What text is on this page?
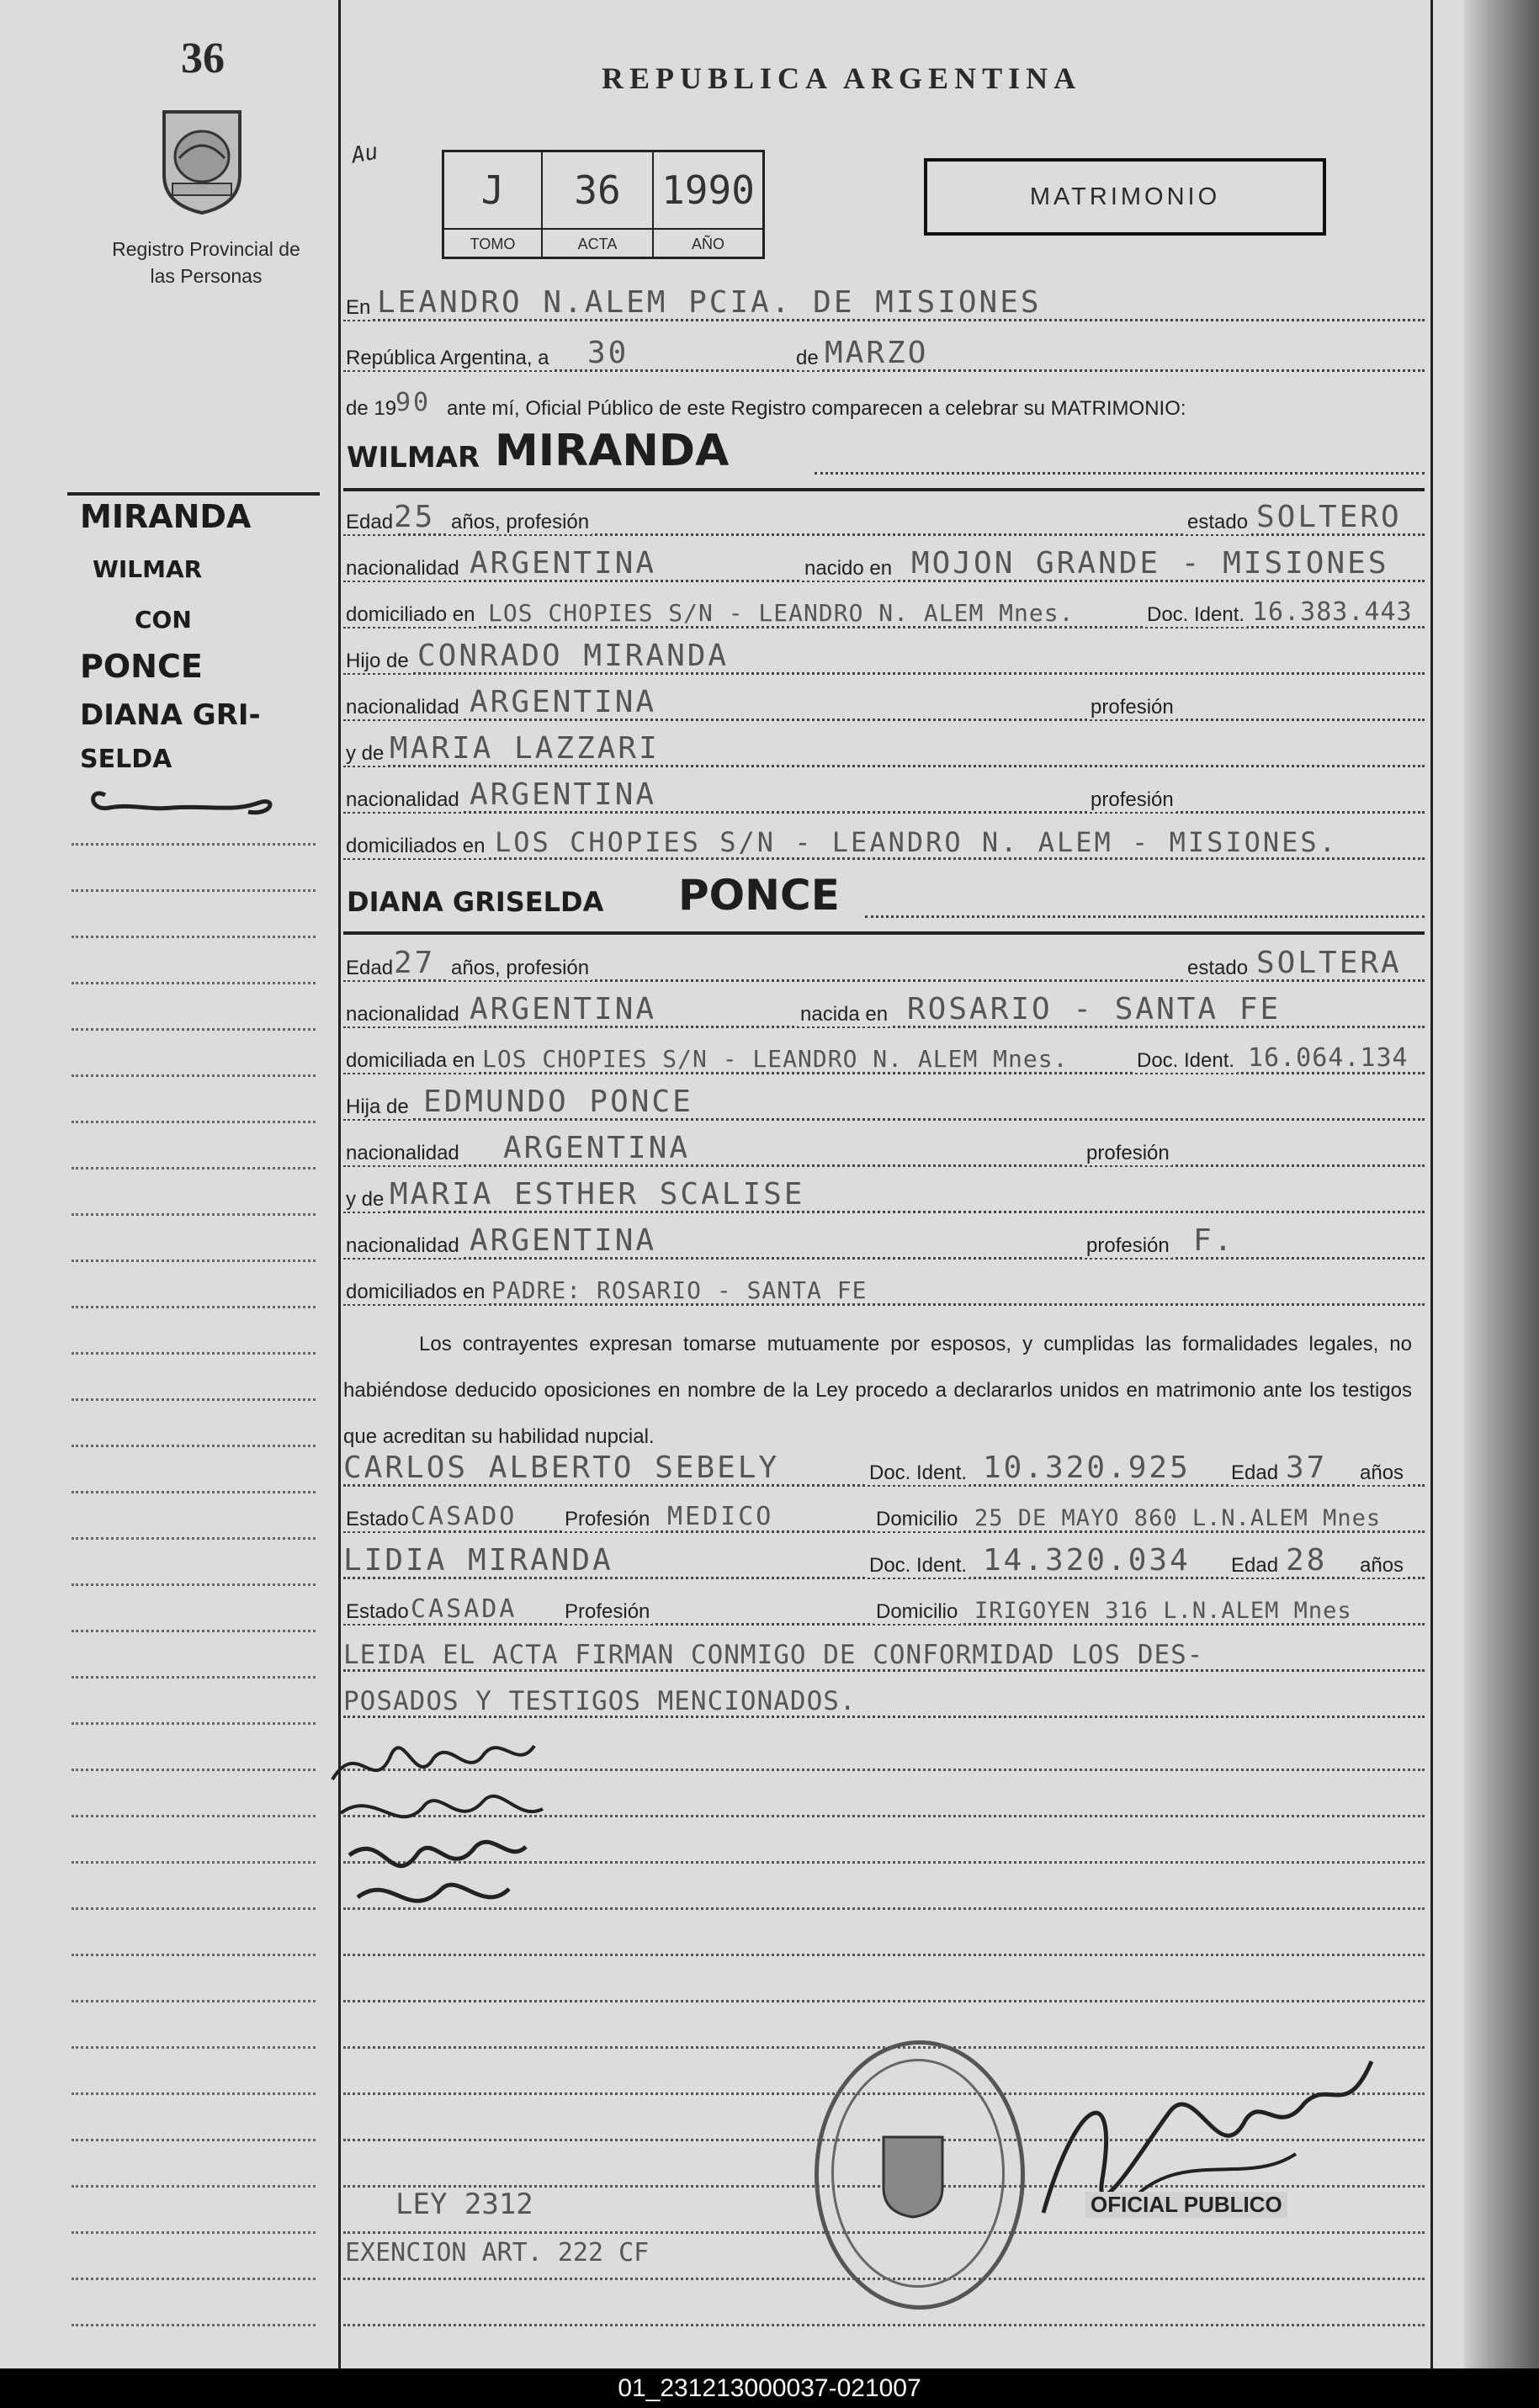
36
Registro Provincial de las Personas
REPUBLICA ARGENTINA
Au
J	36	1990
TOMO	ACTA	AÑO
MATRIMONIO
En LEANDRO N.ALEM PCIA. DE MISIONES
República Argentina, a 30	de MARZO
de 19
90 ante mí, Oficial Público de este Registro comparecen a celebrar su MATRIMONIO:
WILMAR MIRANDA
Edad 25 años, profesión	estado SOLTERO
nacionalidad ARGENTINA	nacido en MOJON GRANDE - MISIONES
domiciliado en LOS CHOPIES S/N - LEANDRO N. ALEM Mnes.	Doc. Ident. 16.383.443
Hijo de CONRADO MIRANDA
nacionalidad ARGENTINA	profesión
y de MARIA LAZZARI
nacionalidad ARGENTINA	profesión
domiciliados en LOS CHOPIES S/N - LEANDRO N. ALEM - MISIONES.
DIANA GRISELDA PONCE
Edad 27 años, profesión	estado SOLTERA
nacionalidad ARGENTINA	nacida en ROSARIO - SANTA FE
domiciliada en LOS CHOPIES S/N - LEANDRO N. ALEM Mnes.	Doc. Ident. 16.064.134
Hija de EDMUNDO PONCE
nacionalidad ARGENTINA	profesión
y de MARIA ESTHER SCALISE
nacionalidad ARGENTINA	profesión F.
domiciliados en PADRE: ROSARIO - SANTA FE
Los contrayentes expresan tomarse mutuamente por esposos, y cumplidas las formalidades legales, no habiéndose deducido oposiciones en nombre de la Ley procedo a declararlos unidos en matrimonio ante los testigos que acreditan su habilidad nupcial.
CARLOS ALBERTO SEBELY	Doc. Ident. 10.320.925 Edad 37 años
Estado CASADO Profesión MEDICO	Domicilio 25 DE MAYO 860 L.N.ALEM Mnes
LIDIA MIRANDA	Doc. Ident. 14.320.034 Edad 28 años
Estado CASADA Profesión	Domicilio IRIGOYEN 316 L.N.ALEM Mnes
LEIDA EL ACTA FIRMAN CONMIGO DE CONFORMIDAD LOS DES-
POSADOS Y TESTIGOS MENCIONADOS.
OFICIAL PUBLICO
LEY 2312
EXENCION ART. 222 CF
MIRANDA
WILMAR
CON
PONCE
DIANA GRI-
SELDA
01_231213000037-021007
